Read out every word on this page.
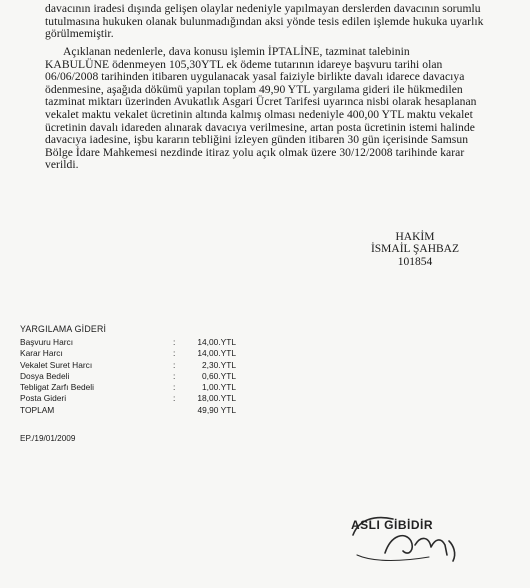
davacının iradesi dışında gelişen olaylar nedeniyle yapılmayan derslerden davacının sorumlu
tutulmasına hukuken olanak bulunmadığından aksi yönde tesis edilen işlemde hukuka uyarlık
görülmemiştir.
Açıklanan nedenlerle, dava konusu işlemin İPTALİNE, tazminat talebinin
KABULÜNE ödenmeyen 105,30YTL ek ödeme tutarının idareye başvuru tarihi olan
06/06/2008 tarihinden itibaren uygulanacak yasal faiziyle birlikte davalı idarece davacıya
ödenmesine, aşağıda dökümü yapılan toplam 49,90 YTL yargılama gideri ile hükmedilen
tazminat miktarı üzerinden Avukatlık Asgari Ücret Tarifesi uyarınca nisbi olarak hesaplanan
vekalet maktu vekalet ücretinin altında kalmış olması nedeniyle 400,00 YTL maktu vekalet
ücretinin davalı idareden alınarak davacıya verilmesine, artan posta ücretinin istemi halinde
davacıya iadesine, işbu kararın tebliğini izleyen günden itibaren 30 gün içerisinde Samsun
Bölge İdare Mahkemesi nezdinde itiraz yolu açık olmak üzere 30/12/2008 tarihinde karar
verildi.
HAKİM
İSMAİL ŞAHBAZ
101854
YARGILAMA GİDERİ
Başvuru Harcı	:	14,00.YTL
Karar Harcı	:	14,00.YTL
Vekalet Suret Harcı	:	2,30.YTL
Dosya Bedeli	:	0,60.YTL
Tebligat Zarfı Bedeli	:	1,00.YTL
Posta Gideri	:	18,00.YTL
TOPLAM	49,90 YTL
EP./19/01/2009
ASLI GİBİDİR
